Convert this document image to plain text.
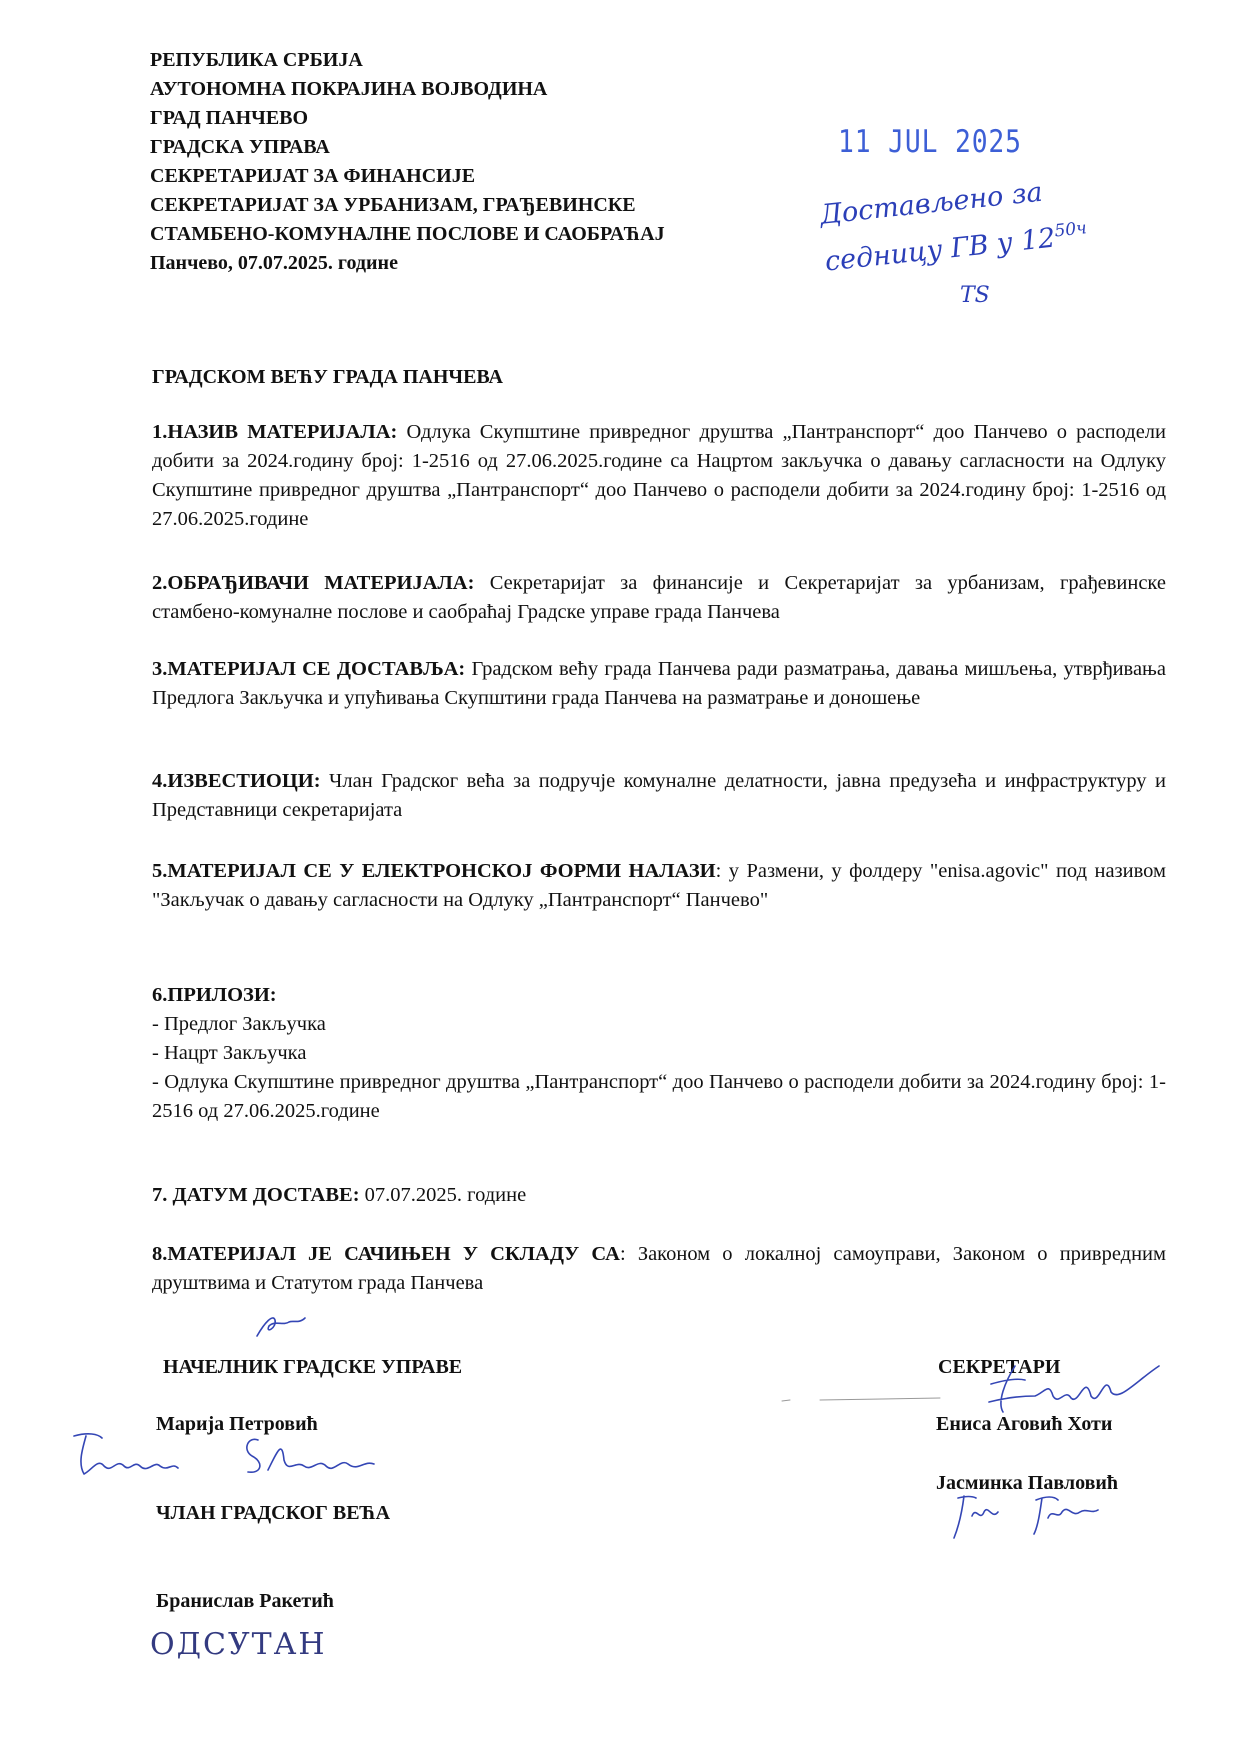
РЕПУБЛИКА СРБИЈА
АУТОНОМНА ПОКРАЈИНА ВОЈВОДИНА
ГРАД ПАНЧЕВО
ГРАДСКА УПРАВА
СЕКРЕТАРИЈАТ ЗА ФИНАНСИЈЕ
СЕКРЕТАРИЈАТ ЗА УРБАНИЗАМ, ГРАЂЕВИНСКЕ
СТАМБЕНО-КОМУНАЛНЕ ПОСЛОВЕ И САОБРАЋАЈ
Панчево, 07.07.2025. године
11 JUL 2025
Достављено за
седницу ГВ у $12^{50ч}$
TS
ГРАДСКОМ ВЕЋУ ГРАДА ПАНЧЕВА
1.НАЗИВ МАТЕРИЈАЛА: Одлука Скупштине привредног друштва „Пантранспорт“ доо Панчево о расподели добити за 2024.годину број: 1-2516 од 27.06.2025.године са Нацртом закључка о давању сагласности на Одлуку Скупштине привредног друштва „Пантранспорт“ доо Панчево о расподели добити за 2024.годину број: 1-2516 од 27.06.2025.године
2.ОБРАЂИВАЧИ МАТЕРИЈАЛА: Секретаријат за финансије и Секретаријат за урбанизам, грађевинске стамбено-комуналне послове и саобраћај Градске управе града Панчева
3.МАТЕРИЈАЛ СЕ ДОСТАВЉА: Градском већу града Панчева ради разматрања, давања мишљења, утврђивања Предлога Закључка и упућивања Скупштини града Панчева на разматрање и доношење
4.ИЗВЕСТИОЦИ: Члан Градског већа за подручје комуналне делатности, јавна предузећа и инфраструктуру и Представници секретаријата
5.МАТЕРИЈАЛ СЕ У ЕЛЕКТРОНСКОЈ ФОРМИ НАЛАЗИ: у Размени, у фолдеру "enisa.agovic" под називом "Закључак о давању сагласности на Одлуку „Пантранспорт“ Панчево"
6.ПРИЛОЗИ:
- Предлог Закључка
- Нацрт Закључка
- Одлука Скупштине привредног друштва „Пантранспорт“ доо Панчево о расподели добити за 2024.годину број: 1-2516 од 27.06.2025.године
7. ДАТУМ ДОСТАВЕ: 07.07.2025. године
8.МАТЕРИЈАЛ ЈЕ САЧИЊЕН У СКЛАДУ СА: Законом о локалној самоуправи, Законом о привредним друштвима и Статутом града Панчева
НАЧЕЛНИК ГРАДСКЕ УПРАВЕ
Марија Петровић
ЧЛАН ГРАДСКОГ ВЕЋА
Бранислав Ракетић
ОДСУТАН
СЕКРЕТАРИ
Ениса Аговић Хоти
Јасминка Павловић
